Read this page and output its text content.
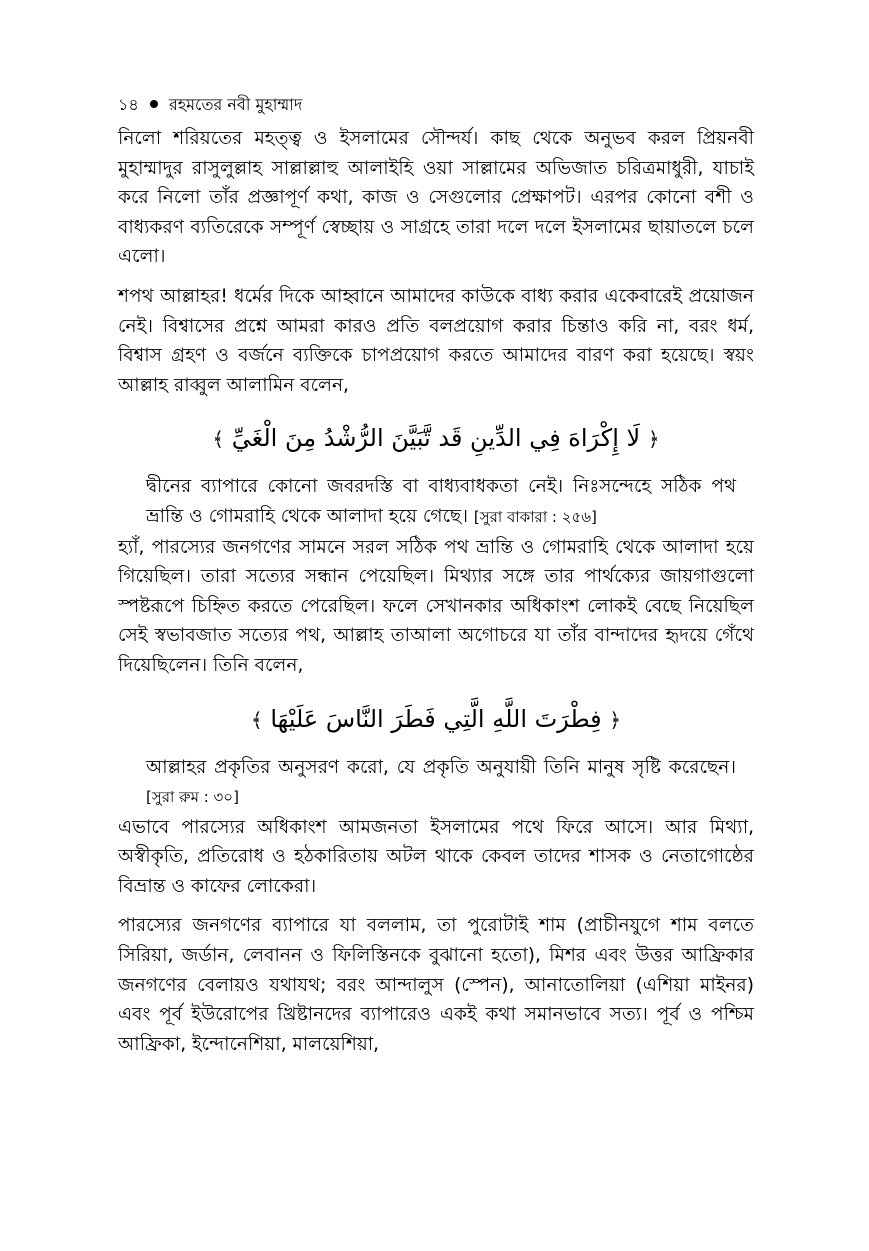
১৪ রহমতের নবী মুহাম্মাদ

নিলো শরিয়তের মহত্ত্ব ও ইসলামের সৌন্দর্য। কাছ থেকে অনুভব করল প্রিয়নবী মুহাম্মাদুর রাসুলুল্লাহ সাল্লাল্লাহু আলাইহি ওয়া সাল্লামের অভিজাত চরিত্রমাধুরী, যাচাই করে নিলো তাঁর প্রজ্ঞাপূর্ণ কথা, কাজ ও সেগুলোর প্রেক্ষাপট। এরপর কোনো বশী ও বাধ্যকরণ ব্যতিরেকে সম্পূর্ণ স্বেচ্ছায় ও সাগ্রহে তারা দলে দলে ইসলামের ছায়াতলে চলে এলো।

শপথ আল্লাহর! ধর্মের দিকে আহ্বানে আমাদের কাউকে বাধ্য করার একেবারেই প্রয়োজন নেই। বিশ্বাসের প্রশ্নে আমরা কারও প্রতি বলপ্রয়োগ করার চিন্তাও করি না, বরং ধর্ম, বিশ্বাস গ্রহণ ও বর্জনে ব্যক্তিকে চাপপ্রয়োগ করতে আমাদের বারণ করা হয়েছে। স্বয়ং আল্লাহ রাব্বুল আলামিন বলেন,

﴿ لَا إِكْرَاهَ فِي الدِّينِ قَد تَّبَيَّنَ الرُّشْدُ مِنَ الْغَيِّ ﴾

দ্বীনের ব্যাপারে কোনো জবরদস্তি বা বাধ্যবাধকতা নেই। নিঃসন্দেহে সঠিক পথ ভ্রান্তি ও গোমরাহি থেকে আলাদা হয়ে গেছে। [সুরা বাকারা : ২৫৬]

হ্যাঁ, পারস্যের জনগণের সামনে সরল সঠিক পথ ভ্রান্তি ও গোমরাহি থেকে আলাদা হয়ে গিয়েছিল। তারা সত্যের সন্ধান পেয়েছিল। মিথ্যার সঙ্গে তার পার্থক্যের জায়গাগুলো স্পষ্টরূপে চিহ্নিত করতে পেরেছিল। ফলে সেখানকার অধিকাংশ লোকই বেছে নিয়েছিল সেই স্বভাবজাত সত্যের পথ, আল্লাহ তাআলা অগোচরে যা তাঁর বান্দাদের হৃদয়ে গেঁথে দিয়েছিলেন। তিনি বলেন,

﴿ فِطْرَتَ اللَّهِ الَّتِي فَطَرَ النَّاسَ عَلَيْهَا ﴾

আল্লাহর প্রকৃতির অনুসরণ করো, যে প্রকৃতি অনুযায়ী তিনি মানুষ সৃষ্টি করেছেন। [সুরা রুম : ৩০]

এভাবে পারস্যের অধিকাংশ আমজনতা ইসলামের পথে ফিরে আসে। আর মিথ্যা, অস্বীকৃতি, প্রতিরোধ ও হঠকারিতায় অটল থাকে কেবল তাদের শাসক ও নেতাগোষ্ঠের বিভ্রান্ত ও কাফের লোকেরা।

পারস্যের জনগণের ব্যাপারে যা বললাম, তা পুরোটাই শাম (প্রাচীনযুগে শাম বলতে সিরিয়া, জর্ডান, লেবানন ও ফিলিস্তিনকে বুঝানো হতো), মিশর এবং উত্তর আফ্রিকার জনগণের বেলায়ও যথাযথ; বরং আন্দালুস (স্পেন), আনাতোলিয়া (এশিয়া মাইনর) এবং পূর্ব ইউরোপের খ্রিষ্টানদের ব্যাপারেও একই কথা সমানভাবে সত্য। পূর্ব ও পশ্চিম আফ্রিকা, ইন্দোনেশিয়া, মালয়েশিয়া,
